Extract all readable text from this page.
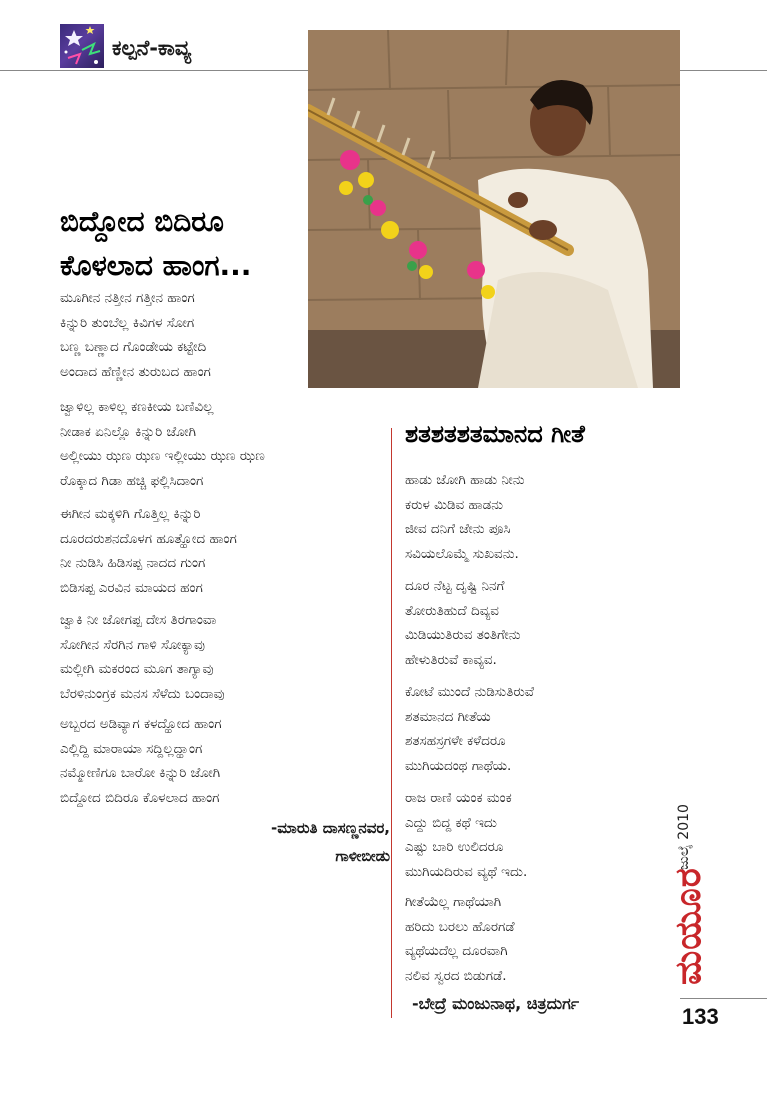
ಕಲ್ಪನೆ-ಕಾವ್ಯ
ಬಿದ್ದೋದ ಬಿದಿರೂ
ಕೊಳಲಾದ ಹಾಂಗ...
ಮೂಗೀನ ನತ್ತೀನ ಗತ್ತೀನ ಹಾಂಗ
ಕಿನ್ನುರಿ ತುಂಬೆಲ್ಲ ಕಿವಿಗಳ ಸೋಗ
ಬಣ್ಣ ಬಣ್ಣಾದ ಗೊಂಡೇಯ ಕಟ್ಟೇದಿ
ಅಂದಾದ ಹೆಣ್ಣೀನ ತುರುಬದ ಹಾಂಗ
ಜ್ವಾಳಿಲ್ಲ ಕಾಳಿಲ್ಲ ಕಣಕೀಯ ಬಣಿವಿಲ್ಲ
ನೀಡಾಕ ಏನಿಲ್ಲೊ ಕಿನ್ನುರಿ ಜೋಗಿ
ಅಲ್ಲೀಯು ಝಣ ಝಣ ಇಲ್ಲೀಯು ಝಣ ಝಣ
ರೊಕ್ಕಾದ ಗಿಡಾ ಹಚ್ಚಿ ಫಲ್ಲಿಸಿದಾಂಗ
ಈಗೀನ ಮಕ್ಕಳಿಗಿ ಗೊತ್ತಿಲ್ಲ ಕಿನ್ನುರಿ
ದೂರದರುಶನದೊಳಗ ಹೂತ್ಹೋದ ಹಾಂಗ
ನೀ ನುಡಿಸಿ ಹಿಡಿಸಪ್ಪ ನಾದದ ಗುಂಗ
ಬಿಡಿಸಪ್ಪ ಎರವಿನ ಮಾಯದ ಹಂಗ
ಜ್ವಾಕಿ ನೀ ಜೋಗಪ್ಪ ದೇಸ ತಿರಗಾಂವಾ
ಸೋಗೀನ ಸೆರಗಿನ ಗಾಳಿ ಸೋಕ್ಯಾವು
ಮಲ್ಲೀಗಿ ಮಕರಂದ ಮೂಗ ತಾಗ್ಯಾವು
ಬೆರಳಿನುಂಗ್ರಕ ಮನಸ ಸೆಳೆದು ಬಂದಾವು
ಅಬ್ಬರದ ಅಡಿವ್ಯಾಗ ಕಳದ್ಹೋದ ಹಾಂಗ
ಎಲ್ಲಿದ್ದಿ ಮಾರಾಯಾ ಸದ್ದಿಲ್ಲದ್ಹಾಂಗ
ನಮ್ಮೋಣಿಗೂ ಬಾರೋ ಕಿನ್ನುರಿ ಜೋಗಿ
ಬಿದ್ದೋದ ಬಿದಿರೂ ಕೊಳಲಾದ ಹಾಂಗ
-ಮಾರುತಿ ದಾಸಣ್ಣನವರ,
ಗಾಳೀಬೀಡು
ಶತಶತಶತಮಾನದ ಗೀತೆ
ಹಾಡು ಜೋಗಿ ಹಾಡು ನೀನು
ಕರುಳ ಮಿಡಿವ ಹಾಡನು
ಜೀವ ದನಿಗೆ ಜೇನು ಪೂಸಿ
ಸವಿಯಲೊಮ್ಮೆ ಸುಖವನು.
ದೂರ ನೆಟ್ಟ ದೃಷ್ಟಿ ನಿನಗೆ
ತೋರುತಿಹುದೆ ದಿವ್ಯವ
ಮಿಡಿಯುತಿರುವ ತಂತಿಗೇನು
ಹೇಳುತಿರುವೆ ಕಾವ್ಯವ.
ಕೋಟೆ ಮುಂದೆ ನುಡಿಸುತಿರುವೆ
ಶತಮಾನದ ಗೀತೆಯ
ಶತಸಹಸ್ರಗಳೇ ಕಳೆದರೂ
ಮುಗಿಯದಂಥ ಗಾಥೆಯ.
ರಾಜ ರಾಣಿ ಯಂಕ ಮಂಕ
ಎದ್ದು ಬಿದ್ದ ಕಥೆ ಇದು
ಎಷ್ಟು ಬಾರಿ ಉಲಿದರೂ
ಮುಗಿಯದಿರುವ ವ್ಯಥೆ ಇದು.
ಗೀತೆಯೆಲ್ಲ ಗಾಥೆಯಾಗಿ
ಹರಿದು ಬರಲು ಹೊರಗಡೆ
ವ್ಯಥೆಯದೆಲ್ಲ ದೂರವಾಗಿ
ನಲಿವ ಸ್ವರದ ಬಿಡುಗಡೆ.
-ಬೇದ್ರೆ ಮಂಜುನಾಥ, ಚಿತ್ರದುರ್ಗ
ಮಯೂರ
ಜುಲೈ 2010
133
